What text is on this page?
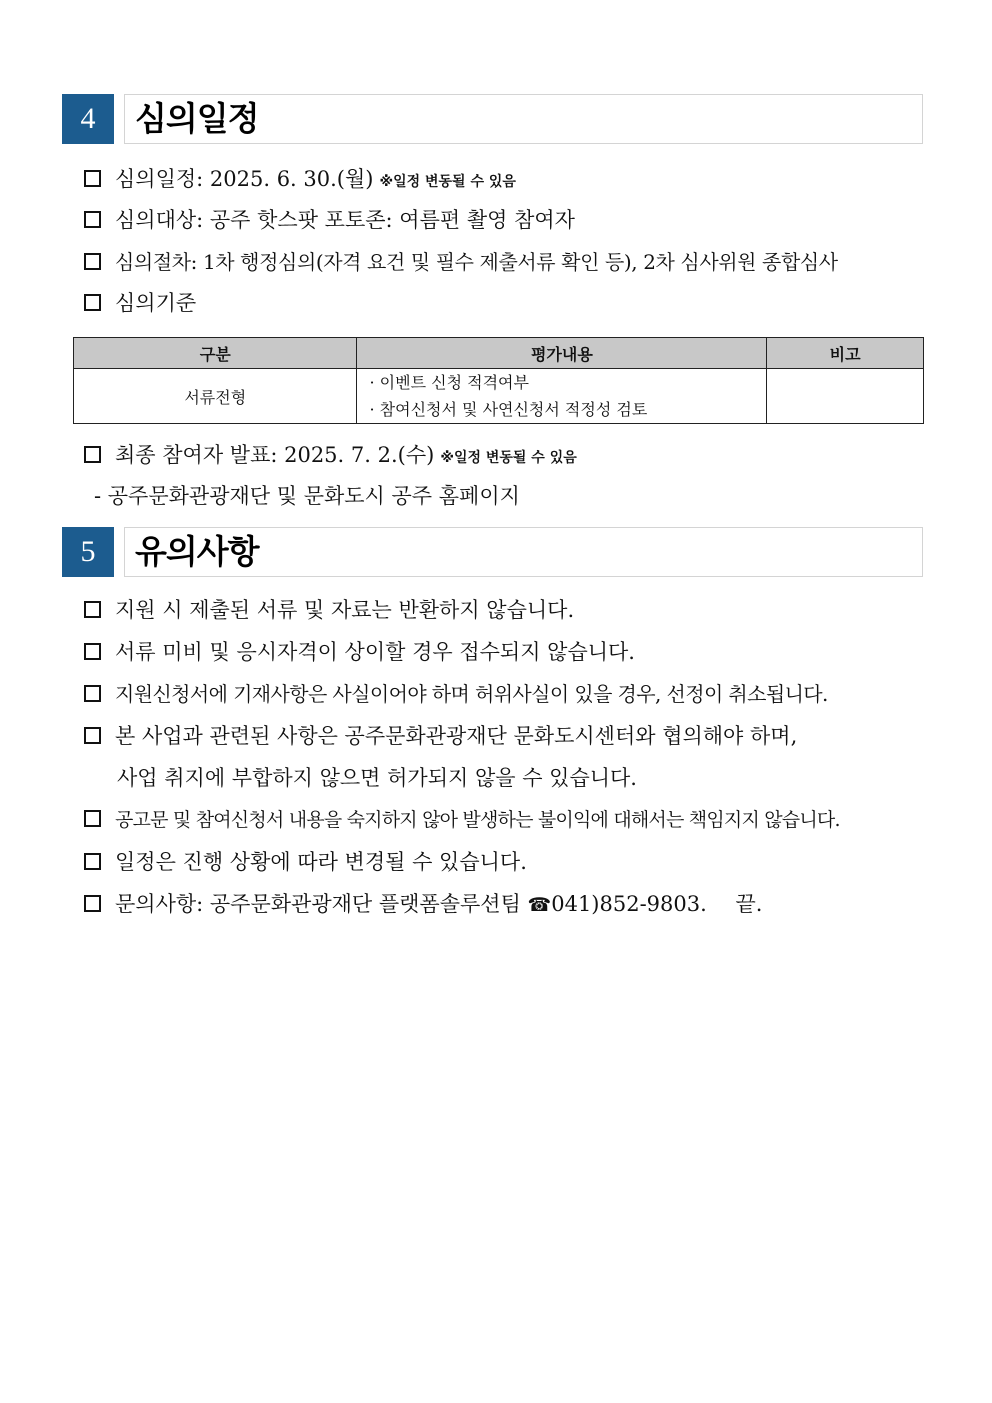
4	심의일정
심의일정: 2025. 6. 30.(월) ※일정 변동될 수 있음
심의대상: 공주 핫스팟 포토존: 여름편 촬영 참여자
심의절차: 1차 행정심의(자격 요건 및 필수 제출서류 확인 등), 2차 심사위원 종합심사
심의기준
구분	평가내용	비고
서류전형	· 이벤트 신청 적격여부
· 참여신청서 및 사연신청서 적정성 검토	

최종 참여자 발표: 2025. 7. 2.(수) ※일정 변동될 수 있음
- 공주문화관광재단 및 문화도시 공주 홈페이지
5	유의사항
지원 시 제출된 서류 및 자료는 반환하지 않습니다.
서류 미비 및 응시자격이 상이할 경우 접수되지 않습니다.
지원신청서에 기재사항은 사실이어야 하며 허위사실이 있을 경우, 선정이 취소됩니다.
본 사업과 관련된 사항은 공주문화관광재단 문화도시센터와 협의해야 하며,
사업 취지에 부합하지 않으면 허가되지 않을 수 있습니다.
공고문 및 참여신청서 내용을 숙지하지 않아 발생하는 불이익에 대해서는 책임지지 않습니다.
일정은 진행 상황에 따라 변경될 수 있습니다.
문의사항: 공주문화관광재단 플랫폼솔루션팀 ☎041)852-9803. 끝.
